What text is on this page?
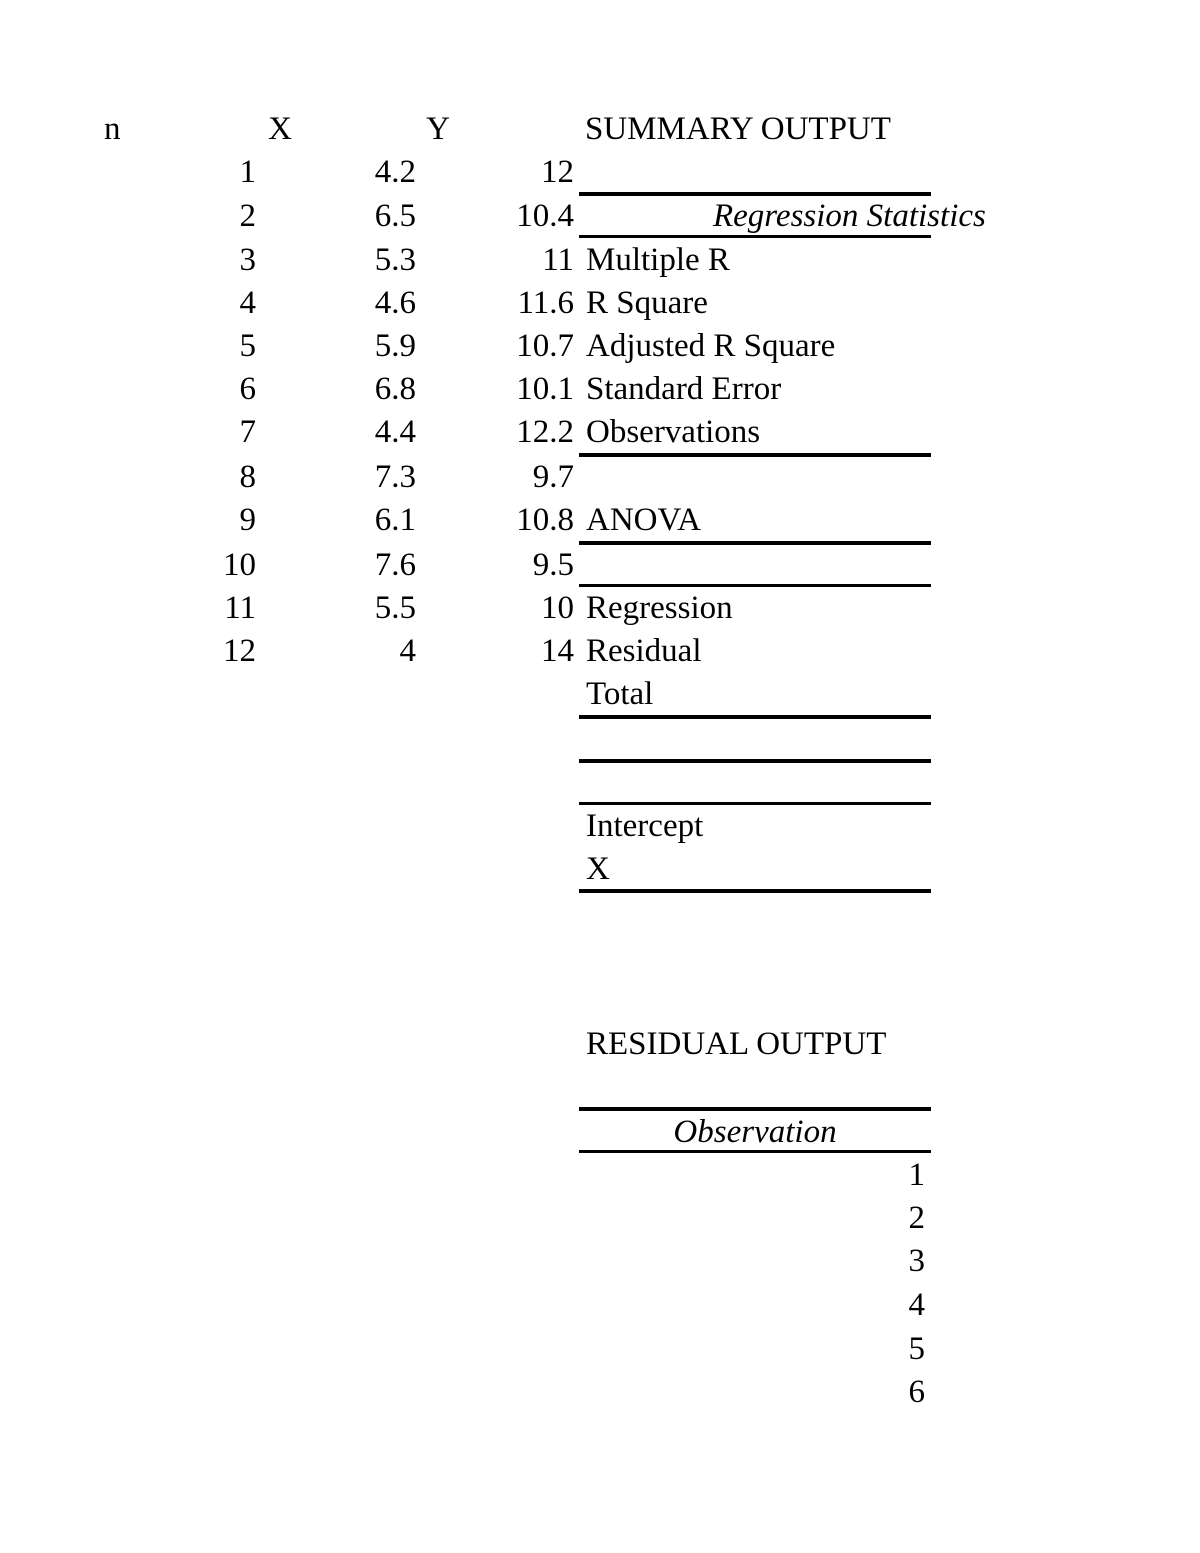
n	X	Y
1
2
3
4
5
6
7
8
9
10
11
12
4.2
6.5
5.3
4.6
5.9
6.8
4.4
7.3
6.1
7.6
5.5
4
12
10.4
11
11.6
10.7
10.1
12.2
9.7
10.8
9.5
10
14
SUMMARY OUTPUT
Regression Statistics
Multiple R
R Square
Adjusted R Square
Standard Error
Observations
ANOVA
Regression
Residual
Total
Intercept
X
RESIDUAL OUTPUT
Observation
1
2
3
4
5
6
